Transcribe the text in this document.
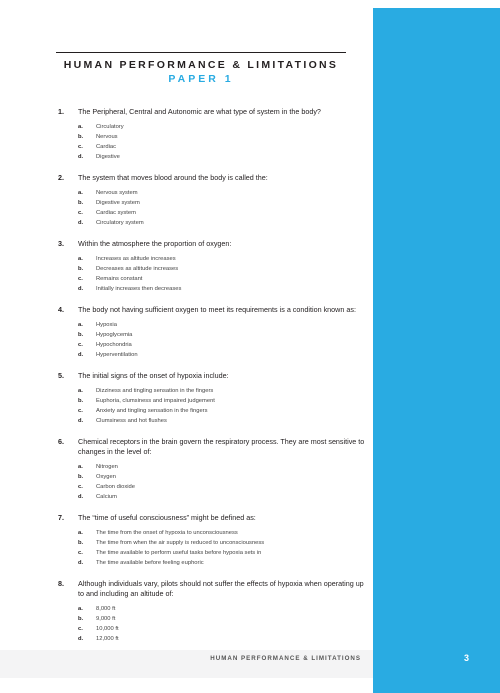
HUMAN PERFORMANCE & LIMITATIONS
PAPER 1
1.	The Peripheral, Central and Autonomic are what type of system in the body?
a.	Circulatory
b.	Nervous
c.	Cardiac
d.	Digestive
2.	The system that moves blood around the body is called the:
a.	Nervous system
b.	Digestive system
c.	Cardiac system
d.	Circulatory system
3.	Within the atmosphere the proportion of oxygen:
a.	Increases as altitude increases
b.	Decreases as altitude increases
c.	Remains constant
d.	Initially increases then decreases
4.	The body not having sufficient oxygen to meet its requirements is a condition known as:
a.	Hypoxia
b.	Hypoglycemia
c.	Hypochondria
d.	Hyperventilation
5.	The initial signs of the onset of hypoxia include:
a.	Dizziness and tingling sensation in the fingers
b.	Euphoria, clumsiness and impaired judgement
c.	Anxiety and tingling sensation in the fingers
d.	Clumsiness and hot flushes
6.	Chemical receptors in the brain govern the respiratory process. They are most sensitive to changes in the level of:
a.	Nitrogen
b.	Oxygen
c.	Carbon dioxide
d.	Calcium
7.	The “time of useful consciousness” might be defined as:
a.	The time from the onset of hypoxia to unconsciousness
b.	The time from when the air supply is reduced to unconsciousness
c.	The time available to perform useful tasks before hypoxia sets in
d.	The time available before feeling euphoric
8.	Although individuals vary, pilots should not suffer the effects of hypoxia when operating up to and including an altitude of:
a.	8,000 ft
b.	9,000 ft
c.	10,000 ft
d.	12,000 ft
HUMAN PERFORMANCE & LIMITATIONS	3
